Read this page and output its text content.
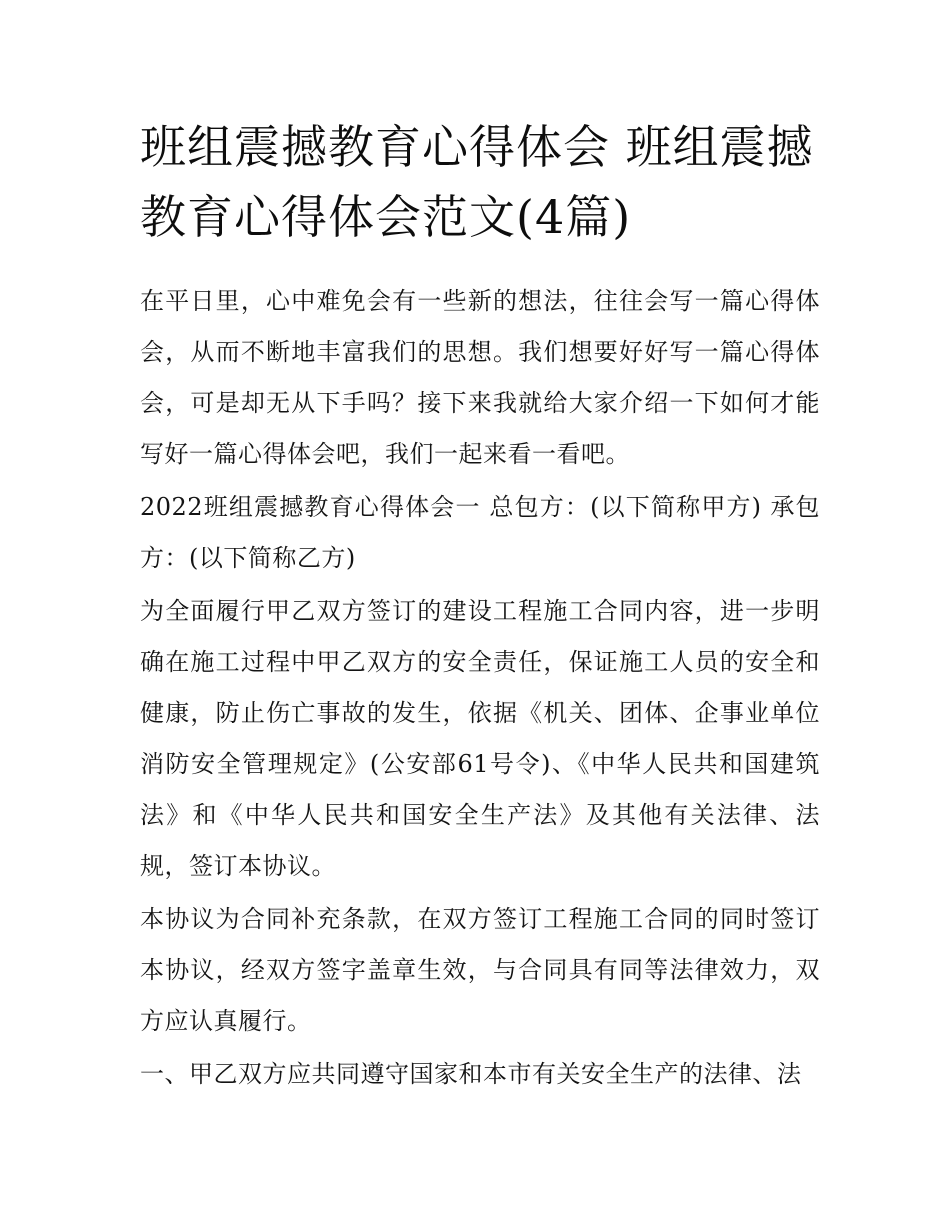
班组震撼教育心得体会 班组震撼教育心得体会范文(4篇)

在平日里，心中难免会有一些新的想法，往往会写一篇心得体会，从而不断地丰富我们的思想。我们想要好好写一篇心得体会，可是却无从下手吗？接下来我就给大家介绍一下如何才能写好一篇心得体会吧，我们一起来看一看吧。

2022班组震撼教育心得体会一 总包方：(以下简称甲方) 承包方：(以下简称乙方)

为全面履行甲乙双方签订的建设工程施工合同内容，进一步明确在施工过程中甲乙双方的安全责任，保证施工人员的安全和健康，防止伤亡事故的发生，依据《机关、团体、企事业单位消防安全管理规定》(公安部61号令)、《中华人民共和国建筑法》和《中华人民共和国安全生产法》及其他有关法律、法规，签订本协议。

本协议为合同补充条款，在双方签订工程施工合同的同时签订本协议，经双方签字盖章生效，与合同具有同等法律效力，双方应认真履行。

一、甲乙双方应共同遵守国家和本市有关安全生产的法律、法
